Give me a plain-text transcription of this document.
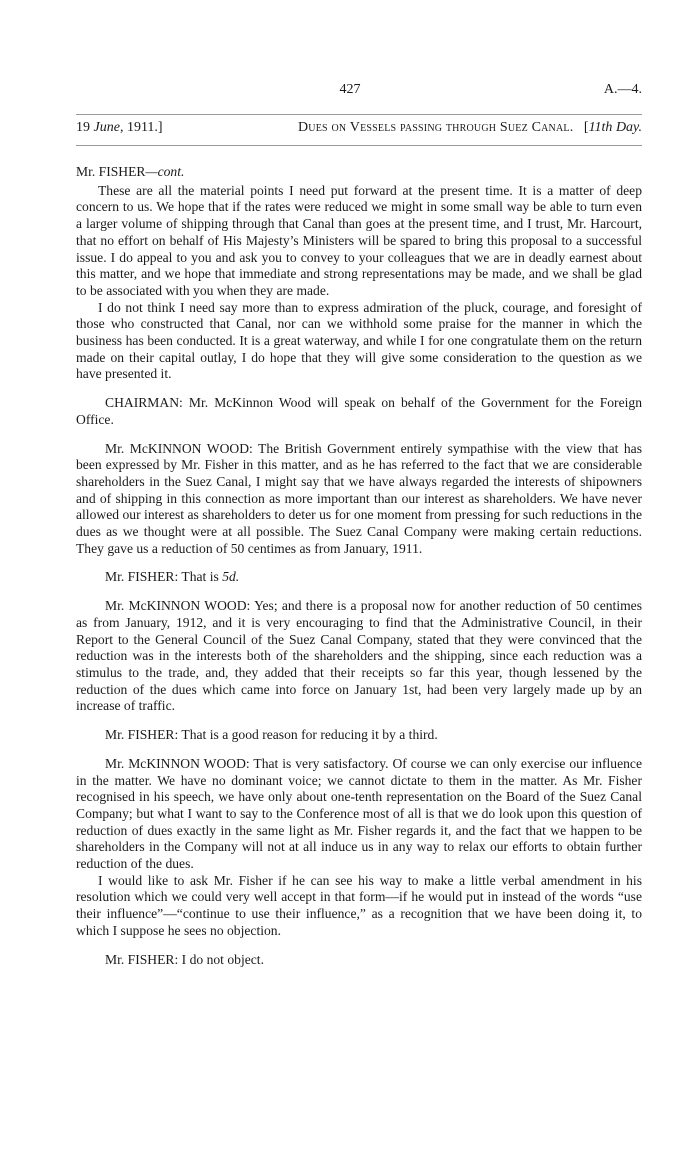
427	A.—4.
19 June, 1911.]	Dues on Vessels passing through Suez Canal. [11th Day.

Mr. FISHER—cont.

These are all the material points I need put forward at the present time. It is a matter of deep concern to us. We hope that if the rates were reduced we might in some small way be able to turn even a larger volume of shipping through that Canal than goes at the present time, and I trust, Mr. Harcourt, that no effort on behalf of His Majesty’s Ministers will be spared to bring this proposal to a successful issue. I do appeal to you and ask you to convey to your colleagues that we are in deadly earnest about this matter, and we hope that immediate and strong representations may be made, and we shall be glad to be associated with you when they are made.

I do not think I need say more than to express admiration of the pluck, courage, and foresight of those who constructed that Canal, nor can we withhold some praise for the manner in which the business has been conducted. It is a great waterway, and while I for one congratulate them on the return made on their capital outlay, I do hope that they will give some consideration to the question as we have presented it.

CHAIRMAN: Mr. McKinnon Wood will speak on behalf of the Government for the Foreign Office.

Mr. McKINNON WOOD: The British Government entirely sympathise with the view that has been expressed by Mr. Fisher in this matter, and as he has referred to the fact that we are considerable shareholders in the Suez Canal, I might say that we have always regarded the interests of shipowners and of shipping in this connection as more important than our interest as shareholders. We have never allowed our interest as shareholders to deter us for one moment from pressing for such reductions in the dues as we thought were at all possible. The Suez Canal Company were making certain reductions. They gave us a reduction of 50 centimes as from January, 1911.

Mr. FISHER: That is 5d.

Mr. McKINNON WOOD: Yes; and there is a proposal now for another reduction of 50 centimes as from January, 1912, and it is very encouraging to find that the Administrative Council, in their Report to the General Council of the Suez Canal Company, stated that they were convinced that the reduction was in the interests both of the shareholders and the shipping, since each reduction was a stimulus to the trade, and, they added that their receipts so far this year, though lessened by the reduction of the dues which came into force on January 1st, had been very largely made up by an increase of traffic.

Mr. FISHER: That is a good reason for reducing it by a third.

Mr. McKINNON WOOD: That is very satisfactory. Of course we can only exercise our influence in the matter. We have no dominant voice; we cannot dictate to them in the matter. As Mr. Fisher recognised in his speech, we have only about one-tenth representation on the Board of the Suez Canal Company; but what I want to say to the Conference most of all is that we do look upon this question of reduction of dues exactly in the same light as Mr. Fisher regards it, and the fact that we happen to be shareholders in the Company will not at all induce us in any way to relax our efforts to obtain further reduction of the dues.

I would like to ask Mr. Fisher if he can see his way to make a little verbal amendment in his resolution which we could very well accept in that form—if he would put in instead of the words “use their influence”—“continue to use their influence,” as a recognition that we have been doing it, to which I suppose he sees no objection.

Mr. FISHER: I do not object.
